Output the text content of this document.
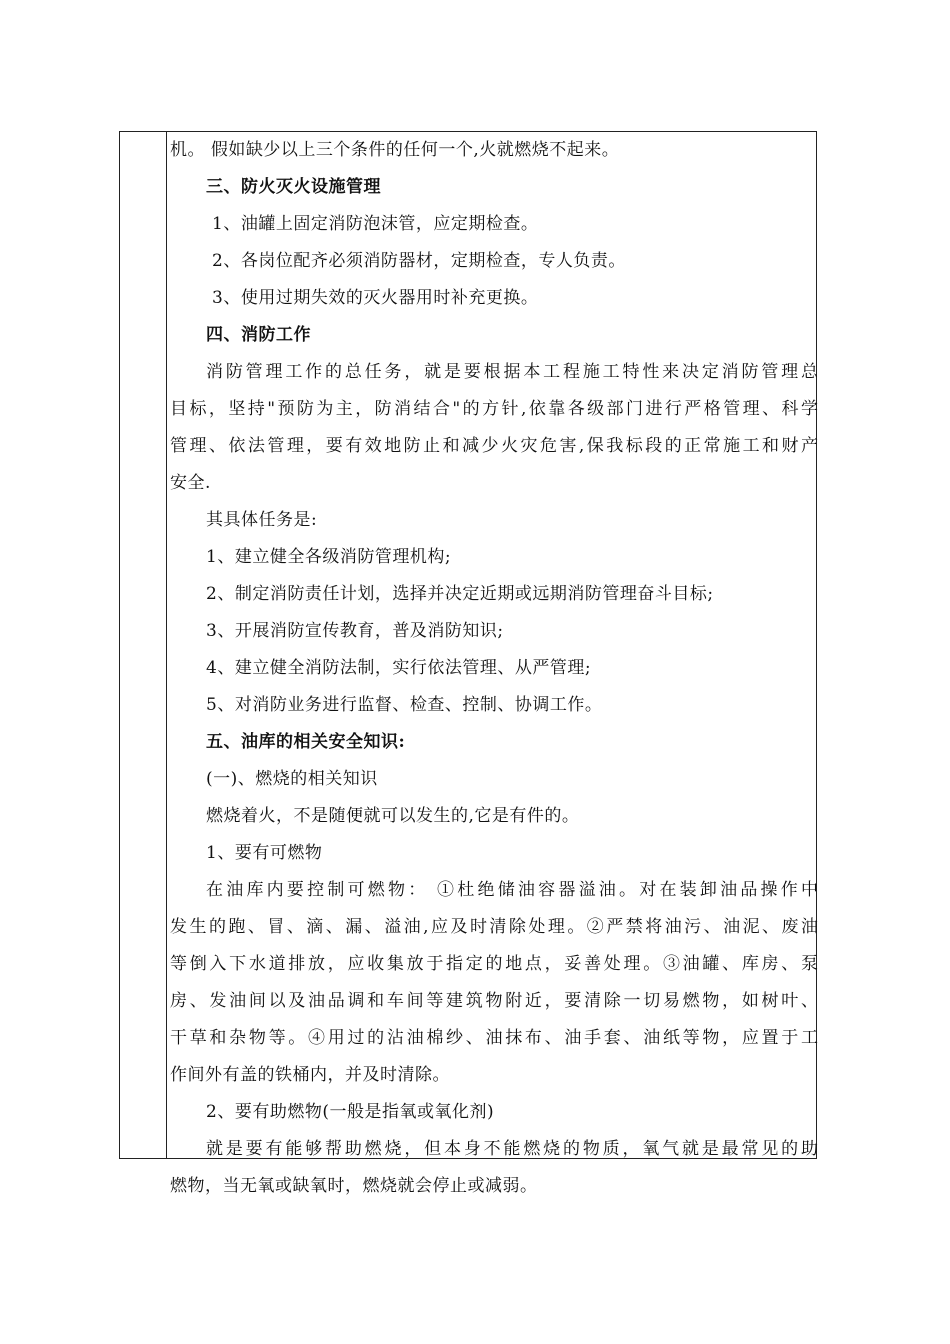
机。 假如缺少以上三个条件的任何一个,火就燃烧不起来。
三、防火灭火设施管理
1、油罐上固定消防泡沫管，应定期检查。
2、各岗位配齐必须消防器材，定期检查，专人负责。
3、使用过期失效的灭火器用时补充更换。
四、消防工作
消防管理工作的总任务，就是要根据本工程施工特性来决定消防管理总
目标，坚持"预防为主，防消结合"的方针,依靠各级部门进行严格管理、科学
管理、依法管理，要有效地防止和减少火灾危害,保我标段的正常施工和财产
安全.
其具体任务是:
1、建立健全各级消防管理机构;
2、制定消防责任计划，选择并决定近期或远期消防管理奋斗目标;
3、开展消防宣传教育，普及消防知识;
4、建立健全消防法制，实行依法管理、从严管理;
5、对消防业务进行监督、检查、控制、协调工作。
五、油库的相关安全知识:
(一)、燃烧的相关知识
燃烧着火，不是随便就可以发生的,它是有件的。
1、要有可燃物
在油库内要控制可燃物： ①杜绝储油容器溢油。对在装卸油品操作中
发生的跑、冒、滴、漏、溢油,应及时清除处理。②严禁将油污、油泥、废油
等倒入下水道排放，应收集放于指定的地点，妥善处理。③油罐、库房、泵
房、发油间以及油品调和车间等建筑物附近，要清除一切易燃物，如树叶、
干草和杂物等。④用过的沾油棉纱、油抹布、油手套、油纸等物，应置于工
作间外有盖的铁桶内，并及时清除。
2、要有助燃物(一般是指氧或氧化剂)
就是要有能够帮助燃烧，但本身不能燃烧的物质，氧气就是最常见的助
燃物，当无氧或缺氧时，燃烧就会停止或减弱。
